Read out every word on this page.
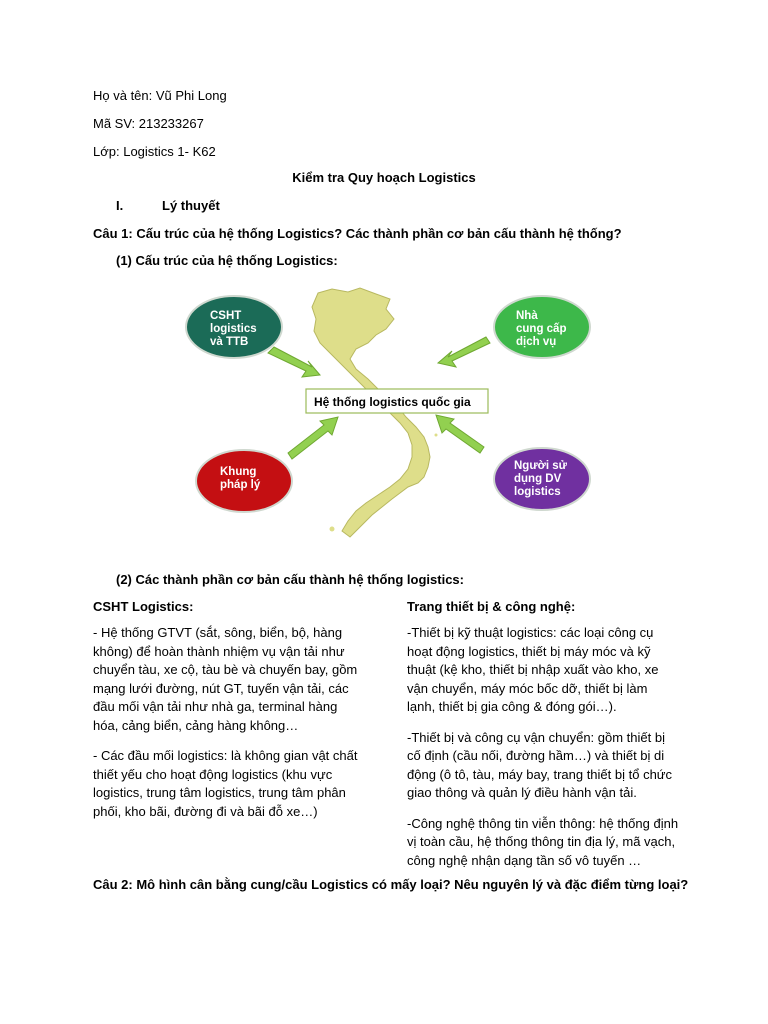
Họ và tên: Vũ Phi Long
Mã SV: 213233267
Lớp: Logistics 1- K62
Kiểm tra Quy hoạch Logistics
I.	Lý thuyết
Câu 1: Cấu trúc của hệ thống Logistics? Các thành phần cơ bản cấu thành hệ thống?
(1) Cấu trúc của hệ thống Logistics:
Hệ thống logistics quốc gia
CSHT logistics và TTB
Nhà cung cấp dịch vụ
Khung pháp lý
Người sử dụng DV logistics
(2) Các thành phần cơ bản cấu thành hệ thống logistics:
CSHT Logistics:

- Hệ thống GTVT (sắt, sông, biển, bộ, hàng không) để hoàn thành nhiệm vụ vận tải như chuyển tàu, xe cộ, tàu bè và chuyến bay, gồm mạng lưới đường, nút GT, tuyến vận tải, các đầu mối vận tải như nhà ga, terminal hàng hóa, cảng biển, cảng hàng không…

- Các đầu mối logistics: là không gian vật chất thiết yếu cho hoạt động logistics (khu vực logistics, trung tâm logistics, trung tâm phân phối, kho bãi, đường đi và bãi đỗ xe…)

Trang thiết bị & công nghệ:

-Thiết bị kỹ thuật logistics: các loại công cụ hoạt động logistics, thiết bị máy móc và kỹ thuật (kệ kho, thiết bị nhập xuất vào kho, xe vận chuyển, máy móc bốc dỡ, thiết bị làm lạnh, thiết bị gia công & đóng gói…).

-Thiết bị và công cụ vận chuyển: gồm thiết bị cố định (cầu nối, đường hầm…) và thiết bị di động (ô tô, tàu, máy bay, trang thiết bị tổ chức giao thông và quản lý điều hành vận tải.

-Công nghệ thông tin viễn thông: hệ thống định vị toàn cầu, hệ thống thông tin địa lý, mã vạch, công nghệ nhận dạng tần số vô tuyến …

Câu 2: Mô hình cân bằng cung/cầu Logistics có mấy loại? Nêu nguyên lý và đặc điểm từng loại?
